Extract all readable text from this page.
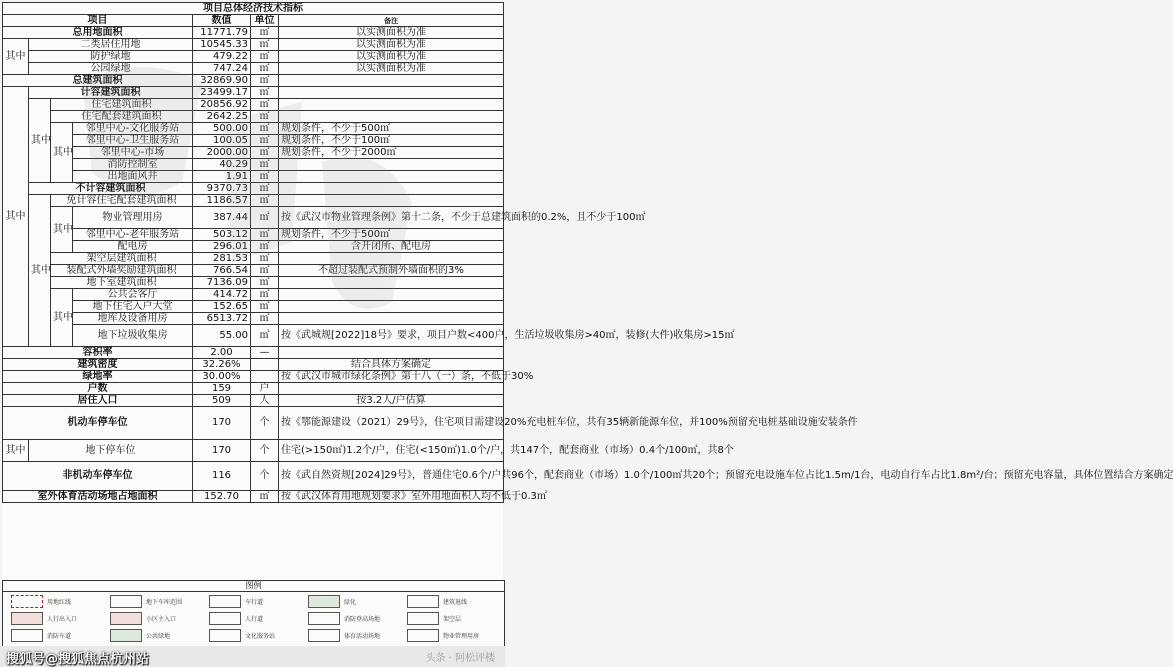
项目总体经济技术指标						
项目				数值	单位	备注
总用地面积				11771.79	㎡	以实测面积为准
其中	二类居住用地			10545.33	㎡	以实测面积为准
	防护绿地			479.22	㎡	以实测面积为准
	公园绿地			747.24	㎡	以实测面积为准
总建筑面积				32869.90	㎡	
其中	计容建筑面积			23499.17	㎡	
	其中	住宅建筑面积		20856.92	㎡	
		住宅配套建筑面积		2642.25	㎡	
		其中	邻里中心-文化服务站	500.00	㎡	规划条件，不少于500㎡
			邻里中心-卫生服务站	100.05	㎡	规划条件，不少于100㎡
			邻里中心-市场	2000.00	㎡	规划条件，不少于2000㎡
			消防控制室	40.29	㎡	
			出地面风井	1.91	㎡	
	不计容建筑面积			9370.73	㎡	
	其中	免计容住宅配套建筑面积		1186.57	㎡	
		其中	物业管理用房	387.44	㎡	按《武汉市物业管理条例》第十二条，不少于总建筑面积的0.2%，且不少于100㎡
			邻里中心-老年服务站	503.12	㎡	规划条件，不少于500㎡
			配电房	296.01	㎡	含开闭所、配电房
		架空层建筑面积		281.53	㎡	
		装配式外墙奖励建筑面积		766.54	㎡	不超过装配式预制外墙面积的3%
		地下室建筑面积		7136.09	㎡	
		其中	公共会客厅	414.72	㎡	
			地下住宅入户大堂	152.65	㎡	
			地库及设备用房	6513.72	㎡	
			地下垃圾收集房	55.00	㎡	按《武城规[2022]18号》要求，项目户数<400户，生活垃圾收集房>40㎡，装修(大件)收集房>15㎡
容积率				2.00	—	
建筑密度				32.26%		结合具体方案确定
绿地率				30.00%		按《武汉市城市绿化条例》第十八（一）条，不低于30%
户数				159	户	
居住人口				509	人	按3.2人/户估算
机动车停车位				170	个	按《鄂能源建设（2021）29号》，住宅项目需建设20%充电桩车位，共有35辆新能源车位，并100%预留充电桩基础设施安装条件
其中	地下停车位			170	个	住宅(>150㎡)1.2个/户，住宅(<150㎡)1.0个/户，共147个，配套商业（市场）0.4个/100㎡，共8个
非机动车停车位				116	个	按《武自然资规[2024]29号》，普通住宅0.6个/户共96个，配套商业（市场）1.0个/100㎡共20个；预留充电设施车位占比1.5m/1台，电动自行车占比1.8m²/台；预留充电容量，具体位置结合方案确定
室外体育活动场地占地面积				152.70	㎡	按《武汉体育用地规划要求》室外用地面积人均不低于0.3㎡
图例
用地红线	地下车库范围	车行道	绿化	建筑退线
人行出入口	小区主入口	人行道	消防登高场地	架空层
消防车道	公共绿地	文化服务站	体育活动场地	物业管理用房
搜狐号@搜狐焦点杭州站	头条 · 阿松评楼
